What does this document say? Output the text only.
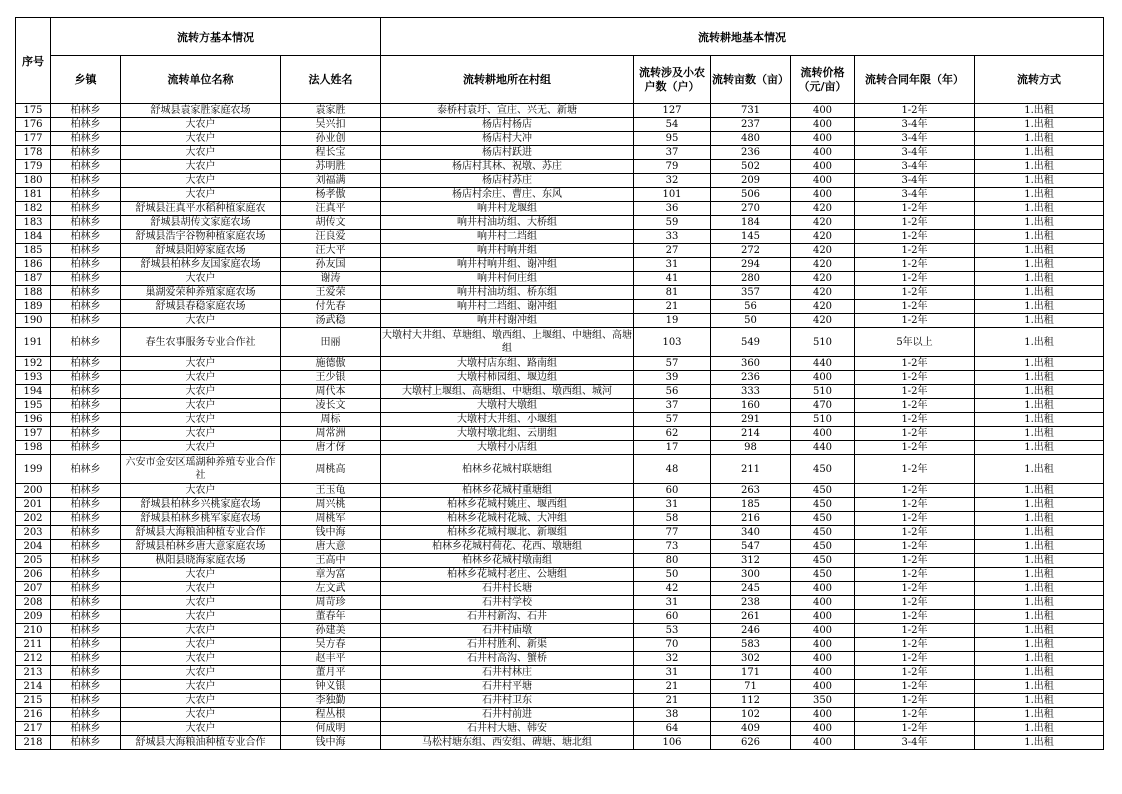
序号	流转方基本情况			流转耕地基本情况					
	乡镇	流转单位名称	法人姓名	流转耕地所在村组	流转涉及小农户数（户）	流转亩数（亩）	流转价格（元/亩）	流转合同年限（年）	流转方式
175	柏林乡	舒城县袁家胜家庭农场	袁家胜	泰桥村袁圩、宣庄、兴无、新塘	127	731	400	1-2年	1.出租
176	柏林乡	大农户	吴兴扣	杨店村杨店	54	237	400	3-4年	1.出租
177	柏林乡	大农户	孙业创	杨店村大冲	95	480	400	3-4年	1.出租
178	柏林乡	大农户	程长宝	杨店村跃进	37	236	400	3-4年	1.出租
179	柏林乡	大农户	苏明胜	杨店村其林、祝墩、苏庄	79	502	400	3-4年	1.出租
180	柏林乡	大农户	刘福满	杨店村苏庄	32	209	400	3-4年	1.出租
181	柏林乡	大农户	杨孝傲	杨店村余庄、曹庄、东风	101	506	400	3-4年	1.出租
182	柏林乡	舒城县汪真平水稻种植家庭农	汪真平	响井村龙堰组	36	270	420	1-2年	1.出租
183	柏林乡	舒城县胡传文家庭农场	胡传文	响井村油坊组、大桥组	59	184	420	1-2年	1.出租
184	柏林乡	舒城县浩宇谷物种植家庭农场	汪良爱	响井村二垱组	33	145	420	1-2年	1.出租
185	柏林乡	舒城县阳婷家庭农场	汪大平	响井村响井组	27	272	420	1-2年	1.出租
186	柏林乡	舒城县柏林乡友国家庭农场	孙友国	响井村响井组、谢冲组	31	294	420	1-2年	1.出租
187	柏林乡	大农户	谢涛	响井村何庄组	41	280	420	1-2年	1.出租
188	柏林乡	巢湖爱荣种养殖家庭农场	王爱荣	响井村油坊组、桥东组	81	357	420	1-2年	1.出租
189	柏林乡	舒城县春稳家庭农场	付先春	响井村二垱组、谢冲组	21	56	420	1-2年	1.出租
190	柏林乡	大农户	汤武稳	响井村谢冲组	19	50	420	1-2年	1.出租
191	柏林乡	春生农事服务专业合作社	田丽	大墩村大井组、草塘组、墩西组、上堰组、中塘组、高塘组	103	549	510	5年以上	1.出租
192	柏林乡	大农户	施德傲	大墩村店东组、路南组	57	360	440	1-2年	1.出租
193	柏林乡	大农户	王少银	大墩村柿园组、堰边组	39	236	400	1-2年	1.出租
194	柏林乡	大农户	周代本	大墩村上堰组、高塘组、中塘组、墩西组、城河	56	333	510	1-2年	1.出租
195	柏林乡	大农户	凌长文	大墩村大墩组	37	160	470	1-2年	1.出租
196	柏林乡	大农户	周标	大墩村大井组、小堰组	57	291	510	1-2年	1.出租
197	柏林乡	大农户	周常洲	大墩村墩北组、云朋组	62	214	400	1-2年	1.出租
198	柏林乡	大农户	唐才伢	大墩村小店组	17	98	440	1-2年	1.出租
199	柏林乡	六安市金安区瑶湖种养殖专业合作社	周桃高	柏林乡花城村联塘组	48	211	450	1-2年	1.出租
200	柏林乡	大农户	王玉龟	柏林乡花城村重塘组	60	263	450	1-2年	1.出租
201	柏林乡	舒城县柏林乡兴桃家庭农场	周兴桃	柏林乡花城村姚庄、堰西组	31	185	450	1-2年	1.出租
202	柏林乡	舒城县柏林乡桃军家庭农场	周桃军	柏林乡花城村花城、大冲组	58	216	450	1-2年	1.出租
203	柏林乡	舒城县大海粮油种植专业合作	钱中海	柏林乡花城村堰北、新堰组	77	340	450	1-2年	1.出租
204	柏林乡	舒城县柏林乡唐大意家庭农场	唐大意	柏林乡花城村荷花、花西、墩塘组	73	547	450	1-2年	1.出租
205	柏林乡	枞阳县晓海家庭农场	王高中	柏林乡花城村墩南组	80	312	450	1-2年	1.出租
206	柏林乡	大农户	章为富	柏林乡花城村老庄、公塘组	50	300	450	1-2年	1.出租
207	柏林乡	大农户	左文武	石井村长塘	42	245	400	1-2年	1.出租
208	柏林乡	大农户	周苛珍	石井村学校	31	238	400	1-2年	1.出租
209	柏林乡	大农户	董春年	石井村新沟、石井	60	261	400	1-2年	1.出租
210	柏林乡	大农户	孙建美	石井村庙墩	53	246	400	1-2年	1.出租
211	柏林乡	大农户	吴方春	石井村胜利、新渠	70	583	400	1-2年	1.出租
212	柏林乡	大农户	赵丰平	石井村高沟、蟹桥	32	302	400	1-2年	1.出租
213	柏林乡	大农户	董月平	石井村林庄	31	171	400	1-2年	1.出租
214	柏林乡	大农户	钟义银	石井村平塘	21	71	400	1-2年	1.出租
215	柏林乡	大农户	李独勤	石井村卫东	21	112	350	1-2年	1.出租
216	柏林乡	大农户	程丛根	石井村前进	38	102	400	1-2年	1.出租
217	柏林乡	大农户	何成明	石井村大塘、韩安	64	409	400	1-2年	1.出租
218	柏林乡	舒城县大海粮油种植专业合作	钱中海	马松村塘东组、西安组、碑塘、塘北组	106	626	400	3-4年	1.出租
